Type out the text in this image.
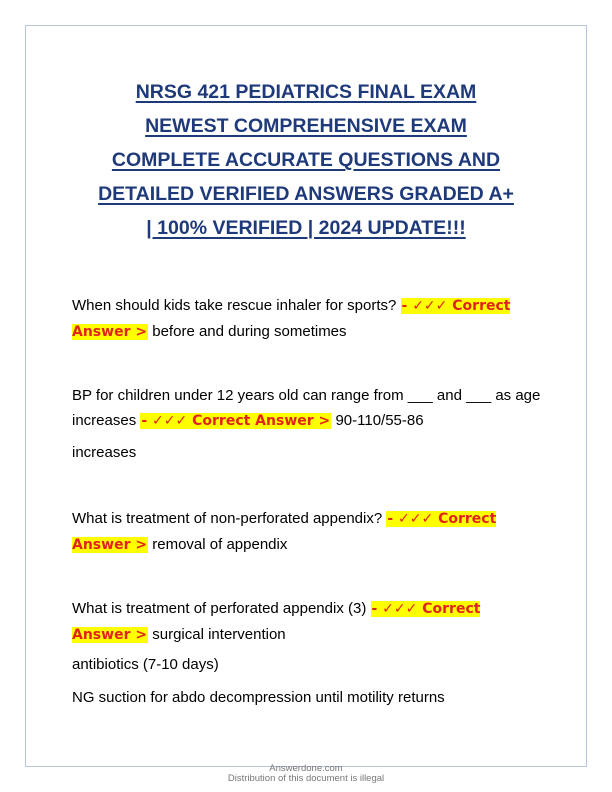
NRSG 421 PEDIATRICS FINAL EXAM
NEWEST COMPREHENSIVE EXAM
COMPLETE ACCURATE QUESTIONS AND
DETAILED VERIFIED ANSWERS GRADED A+
| 100% VERIFIED | 2024 UPDATE!!!
When should kids take rescue inhaler for sports? - ✓✓✓ Correct Answer > before and during sometimes
BP for children under 12 years old can range from ___ and ___ as age increases - ✓✓✓ Correct Answer > 90-110/55-86
increases
What is treatment of non-perforated appendix? - ✓✓✓ Correct Answer > removal of appendix
What is treatment of perforated appendix (3) - ✓✓✓ Correct Answer > surgical intervention
antibiotics (7-10 days)
NG suction for abdo decompression until motility returns
Answerdone.com
Distribution of this document is illegal
